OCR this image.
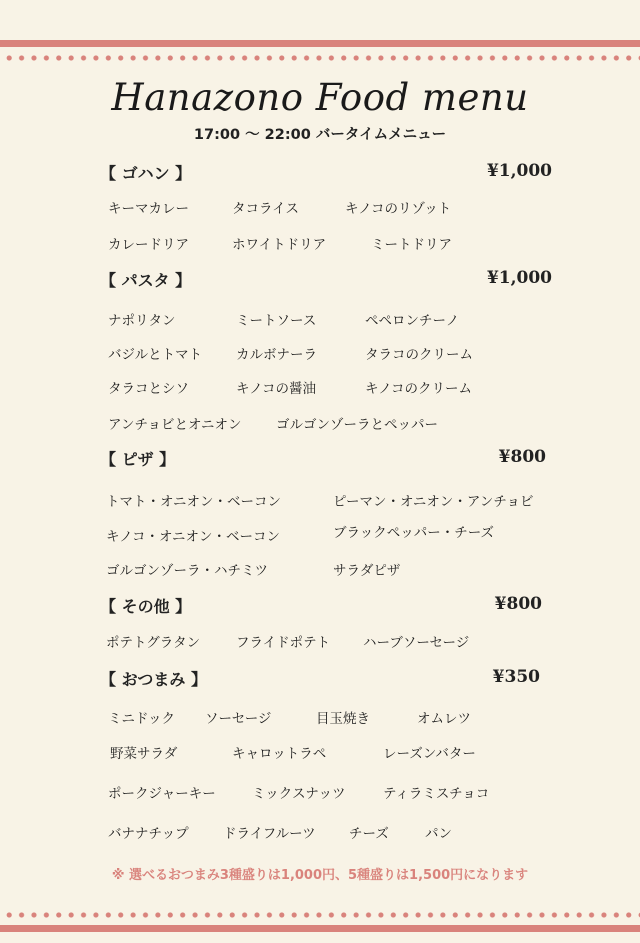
Hanazono Food menu

17:00 〜 22:00 バータイムメニュー

【 ゴハン 】	¥1,000
キーマカレー	タコライス	キノコのリゾット
カレードリア	ホワイトドリア	ミートドリア
【 パスタ 】	¥1,000
ナポリタン	ミートソース	ペペロンチーノ
バジルとトマト	カルボナーラ	タラコのクリーム
タラコとシソ	キノコの醤油	キノコのクリーム
アンチョビとオニオン	ゴルゴンゾーラとペッパー
【 ピザ 】	¥800
トマト・オニオン・ベーコン	ピーマン・オニオン・アンチョビ
キノコ・オニオン・ベーコン	ブラックペッパー・チーズ
ゴルゴンゾーラ・ハチミツ	サラダピザ
【 その他 】	¥800
ポテトグラタン	フライドポテト ハーブソーセージ
【 おつまみ 】	¥350
ミニドック ソーセージ	目玉焼き	オムレツ
野菜サラダ	キャロットラペ	レーズンバター
ポークジャーキー	ミックスナッツ	ティラミスチョコ
バナナチップ	ドライフルーツ チーズ	パン

※ 選べるおつまみ3種盛りは1,000円、5種盛りは1,500円になります
